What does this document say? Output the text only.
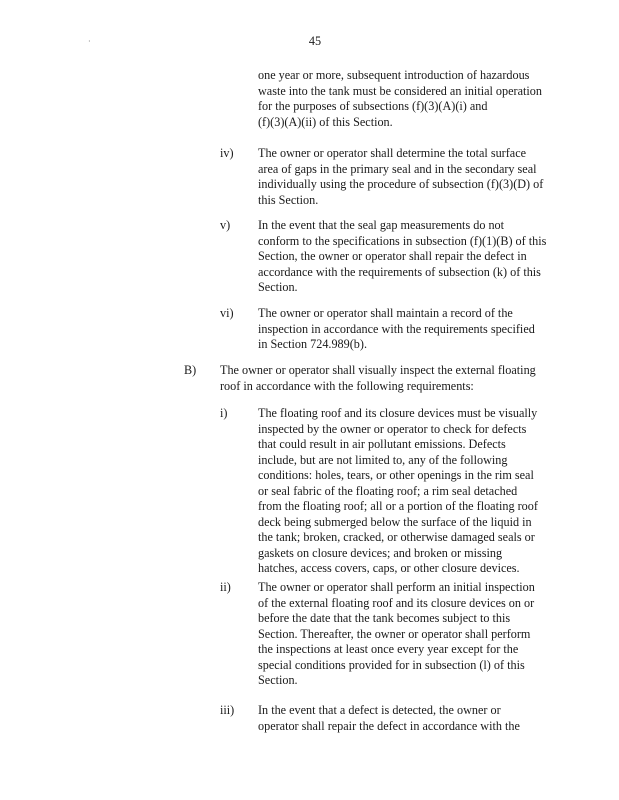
·	45
one year or more, subsequent introduction of hazardous
waste into the tank must be considered an initial operation
for the purposes of subsections (f)(3)(A)(i) and
(f)(3)(A)(ii) of this Section.
iv) The owner or operator shall determine the total surface
area of gaps in the primary seal and in the secondary seal
individually using the procedure of subsection (f)(3)(D) of
this Section.
v) In the event that the seal gap measurements do not
conform to the specifications in subsection (f)(1)(B) of this
Section, the owner or operator shall repair the defect in
accordance with the requirements of subsection (k) of this
Section.
vi) The owner or operator shall maintain a record of the
inspection in accordance with the requirements specified
in Section 724.989(b).
B) The owner or operator shall visually inspect the external floating
roof in accordance with the following requirements:
i)	The floating roof and its closure devices must be visually
inspected by the owner or operator to check for defects
that could result in air pollutant emissions. Defects
include, but are not limited to, any of the following
conditions: holes, tears, or other openings in the rim seal
or seal fabric of the floating roof; a rim seal detached
from the floating roof; all or a portion of the floating roof
deck being submerged below the surface of the liquid in
the tank; broken, cracked, or otherwise damaged seals or
gaskets on closure devices; and broken or missing
hatches, access covers, caps, or other closure devices.
ii) The owner or operator shall perform an initial inspection
of the external floating roof and its closure devices on or
before the date that the tank becomes subject to this
Section. Thereafter, the owner or operator shall perform
the inspections at least once every year except for the
special conditions provided for in subsection (l) of this
Section.
iii) In the event that a defect is detected, the owner or
operator shall repair the defect in accordance with the
